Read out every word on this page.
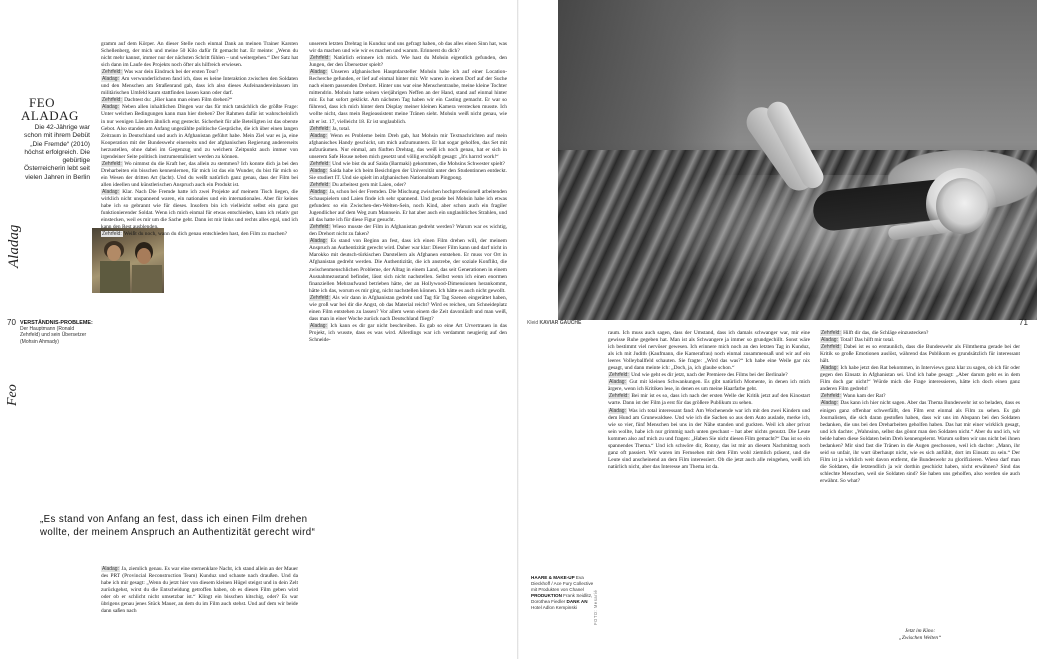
FEO
ALADAG
Die 42-Jährige war schon mit ihrem Debüt „Die Fremde“ (2010) höchst erfolgreich. Die gebürtige Österreicherin lebt seit vielen Jahren in Berlin
Aladag
VERSTÄNDNIS-PROBLEME:
Der Hauptmann (Ronald Zehrfeld) und sein Übersetzer (Mohsin Ahmady)
70
Feo

gramm auf dem Körper. An dieser Stelle noch einmal Dank an meinen Trainer Karsten Schellenberg, der mich und meine 50 Kilo dafür fit gemacht hat. Er meinte: „Wenn du nicht mehr kannst, immer nur der nächsten Schritt fühlen – und weitergehen.“ Der Satz hat sich dann im Laufe des Projekts noch öfter als hilfreich erwiesen.

Zehrfeld: Was war dein Eindruck bei der ersten Tour?

Aladag: Am verwunderlichsten fand ich, dass es keine Interaktion zwischen den Soldaten und den Menschen am Straßenrand gab, dass ich also dieses Aufeinandereinlassen im militärischen Umfeld kaum stattfinden lassen kann oder darf.

Zehrfeld: Dachtest du: „Hier kann man einen Film drehen?“

Aladag: Neben allen inhaltlichen Dingen war das für mich tatsächlich die größte Frage: Unter welchen Bedingungen kann man hier drehen? Der Rahmen dafür ist wahrscheinlich in nur wenigen Ländern ähnlich eng gesteckt. Sicherheit für alle Beteiligten ist das oberste Gebot. Also standen am Anfang ungezählte politische Gespräche, die ich über einen langen Zeitraum in Deutschland und auch in Afghanistan geführt habe. Mein Ziel war es ja, eine Kooperation mit der Bundeswehr einerseits und der afghanischen Regierung andererseits herzustellen, ohne dabei im Gegenzug und zu welchem Zeitpunkt auch immer von irgendeiner Seite politisch instrumentalisiert werden zu können.

Zehrfeld: Wo nimmst du die Kraft her, das allein zu stemmen? Ich konnte dich ja bei den Dreharbeiten ein bisschen kennenlernen, für mich ist das ein Wunder, du bist für mich so ein Wesen der dritten Art (lacht). Und du weißt natürlich ganz genau, dass der Film bei allen ideellen und künstlerischen Anspruch auch ein Produkt ist.

Aladag: Klar. Nach Die Fremde hatte ich zwei Projekte auf meinem Tisch liegen, die wirklich nicht unspannend waren, ein nationales und ein internationales. Aber für keines habe ich so gebrannt wie für dieses. Insofern bin ich vielleicht selbst ein ganz gut funktionierender Soldat. Wenn ich mich einmal für etwas entschieden, kann ich relativ gut einstecken, weil es mir um die Sache geht. Dann ist mir links und rechts alles egal, und ich kann den Rest ausblenden.

Zehrfeld: Weißt du noch, wann du dich genau entschieden hast, den Film zu machen?

„Es stand von Anfang an fest, dass ich einen Film drehen wollte, der meinem Anspruch an Authentizität gerecht wird“

Aladag: Ja, ziemlich genau. Es war eine sternenklare Nacht, ich stand allein an der Mauer des PRT (Provincial Reconstruction Team) Kunduz und schaute nach draußen. Und da habe ich mir gesagt: „Wenn du jetzt hier von diesem kleinen Hügel steigst und in dein Zelt zurückgehst, wirst du die Entscheidung getroffen haben, ob es diesen Film geben wird oder ob er schlicht nicht umsetzbar ist.“ Klingt ein bisschen kitschig, oder? Es war übrigens genau jenes Stück Mauer, an dem du im Film auch stehst. Und auf dem wir beide dann saßen nach

unserem letzten Drehtag in Kunduz und uns gefragt haben, ob das alles einen Sinn hat, was wir da machen und wie wir es machen und warum. Erinnerst du dich?

Zehrfeld: Natürlich erinnere ich mich. Wie hast du Mohsin eigentlich gefunden, den Jungen, der den Übersetzer spielt?

Aladag: Unseren afghanischen Hauptdarsteller Mohsin habe ich auf einer Location-Recherche gefunden, er lief auf einmal hinter mir. Wir waren in einem Dorf auf der Suche nach einem passenden Drehort. Hinter uns war eine Menschentraube, meine kleine Tochter mittendrin. Mohsin hatte seinen vierjährigen Neffen an der Hand, stand auf einmal hinter mir. Es hat sofort geklickt. Am nächsten Tag haben wir ein Casting gemacht. Er war so führend, dass ich mich hinter dem Display meiner kleinen Kamera verstecken musste. Ich wollte nicht, dass mein Regieassistent meine Tränen sieht. Mohsin weiß nicht genau, wie alt er ist. 17, vielleicht 18. Er ist unglaublich.

Zehrfeld: Ja, total.

Aladag: Wenn es Probleme beim Dreh gab, hat Mohsin mir Textnachrichten auf mein afghanisches Handy geschickt, um mich aufzumuntern. Er hat sogar geholfen, das Set mit aufzuräumen. Nur einmal, am fünften Drehtag, das weiß ich noch genau, hat er sich in unserem Safe House neben mich gesetzt und völlig erschöpft gesagt: „It's harrrd work!“

Zehrfeld: Und wie bist du auf Saida (Barmaki) gekommen, die Mohsins Schwester spielt?

Aladag: Saida habe ich beim Besichtigen der Universität unter den Studentinnen entdeckt. Sie studiert IT. Und sie spielt im afghanischen Nationalteam Pingpong.

Zehrfeld: Du arbeitest gern mit Laien, oder?

Aladag: Ja, schon bei der Fremden. Die Mischung zwischen hochprofessionell arbeitenden Schauspielern und Laien finde ich sehr spannend. Und gerade bei Mohsin habe ich etwas gefunden: so ein Zwischen-den-Welten-Sein, noch Kind, aber schon auch ein fragiler Jugendlicher auf dem Weg zum Mannsein. Er hat aber auch ein unglaubliches Strahlen, und all das hatte ich für diese Figur gesucht.

Zehrfeld: Wieso musste der Film in Afghanistan gedreht werden? Warum war es wichtig, den Drehort nicht zu faken?

Aladag: Es stand von Beginn an fest, dass ich einen Film drehen will, der meinem Anspruch an Authentizität gerecht wird. Daher war klar: Dieser Film kann und darf nicht in Marokko mit deutsch-türkischen Darstellern als Afghanen entstehen. Er muss vor Ort in Afghanistan gedreht werden. Die Authentizität, die ich anstrebe, der soziale Konflikt, die zwischenmenschlichen Probleme, der Alltag in einem Land, das seit Generationen in einem Ausnahmezustand befindet, lässt sich nicht nachstellen. Selbst wenn ich einen enormen finanziellen Mehraufwand betrieben hätte, der an Hollywood-Dimensionen herankommt, hätte ich das, worum es mir ging, nicht nachstellen können. Ich hätte es auch nicht gewollt.

Zehrfeld: Als wir dann in Afghanistan gedreht und Tag für Tag Szenen eingerättet haben, wie groß war bei dir die Angst, ob das Material reicht? Wird es reichen, um Schneideplatz einen Film entstehen zu lassen? Vor allem wenn einem die Zeit davonläuft und man weiß, dass man in einer Woche zurück nach Deutschland fliegt?

Aladag: Ich kann es dir gar nicht beschreiben. Es gab so eine Art Urvertrauen in das Projekt, ich wusste, dass es was wird. Allerdings war ich verdammt neugierig auf den Schneide-

Kleid KAVIAR GAUCHE	71
HAARE & MAKE-UP Eva Dieckhoff / Ace Fury Collective mit Produkten von Chanel PRODUKTION Frank Seidlitz, Dorothea Fiedler DANK AN Hotel Adlon Kempinski	FOTO: Mesarié

raum. Ich muss auch sagen, dass der Umstand, dass ich damals schwanger war, mir eine gewisse Ruhe gegeben hat. Man ist als Schwangere ja immer so grundgechillt. Sonst wäre ich bestimmt viel nervöser gewesen. Ich erinnere mich noch an den letzten Tag in Kunduz, als ich mit Judith (Kaufmann, die Kamerafrau) noch einmal zusammensaß und wir auf ein leeres Volleyballfeld schauten. Sie fragte: „Wird das was?“ Ich habe eine Weile gar nix gesagt, und dann meinte ich: „Doch, ja, ich glaube schon.“

Zehrfeld: Und wie geht es dir jetzt, nach der Premiere des Films bei der Berlinale?

Aladag: Gut mit kleinen Schwankungen. Es gibt natürlich Momente, in denen ich mich ärgere, wenn ich Kritiken lese, in denen es um meine Haarfarbe geht.

Zehrfeld: Bei mir ist es so, dass ich nach der ersten Welle der Kritik jetzt auf den Kinostart warte. Dann ist der Film ja erst für das größere Publikum zu sehen.

Aladag: Was ich total interessant fand: Am Wochenende war ich mit den zwei Kindern und dem Hund am Grunewaldsee. Und wie ich die Sachen so aus dem Auto auslade, merke ich, wie so vier, fünf Menschen bei uns in der Nähe standen und guckten. Weil ich aber privat sein wollte, habe ich nur grimmig nach unten geschaut – hat aber nichts genutzt. Die Leute kommen also auf mich zu und fragen: „Haben Sie nicht diesen Film gemacht?“ Das ist so ein spannendes Thema.“ Und ich schwöre dir, Ronny, das ist mir an diesem Nachmittag noch ganz oft passiert. Wir waren im Fernsehen mit dem Film wohl ziemlich präsent, und die Leute sind anscheinend an dem Film interessiert. Ob die jetzt auch alle reingehen, weiß ich natürlich nicht, aber das Interesse am Thema ist da.

Zehrfeld: Hilft dir das, die Schläge einzustecken?

Aladag: Total! Das hilft mir total.

Zehrfeld: Dabei ist es so erstaunlich, dass die Bundeswehr als Filmthema gerade bei der Kritik so große Emotionen auslöst, während das Publikum es grundsätzlich für interessant hält.

Aladag: Ich habe jetzt den Rat bekommen, in Interviews ganz klar zu sagen, ob ich für oder gegen den Einsatz in Afghanistan sei. Und ich habe gesagt: „Aber darum geht es in dem Film doch gar nicht!“ Würde mich die Frage interessieren, hätte ich doch einen ganz anderen Film gedreht!

Zehrfeld: Wann kam der Rat?

Aladag: Das kann ich hier nicht sagen. Aber das Thema Bundeswehr ist so beladen, dass es einigen ganz offenbar schwerfällt, den Film erst einmal als Film zu sehen. Es gab Journalisten, die sich daran gestoßen haben, dass wir uns im Abspann bei den Soldaten bedanken, die uns bei den Dreharbeiten geholfen haben. Das hat mir einer wirklich gesagt, und ich dachte: „Wahnsinn, selbst das gönnt man den Soldaten nicht.“ Aber du und ich, wir beide haben diese Soldaten beim Dreh kennengelernt. Warum sollten wir uns nicht bei ihnen bedanken? Mir sind fast die Tränen in die Augen geschossen, weil ich dachte: „Mann, ihr seid so unfair, ihr wart überhaupt nicht, wie es sich anfühlt, dort im Einsatz zu sein.“ Der Film ist ja wirklich weit davon entfernt, die Bundeswehr zu glorifizieren. Wieso darf man die Soldaten, die letztendlich ja wir dorthin geschickt haben, nicht erwähnen? Sind das schlechte Menschen, weil sie Soldaten sind? Sie haben uns geholfen, also werden sie auch erwähnt. So what?

Jetzt im Kino:
„Zwischen Welten“
